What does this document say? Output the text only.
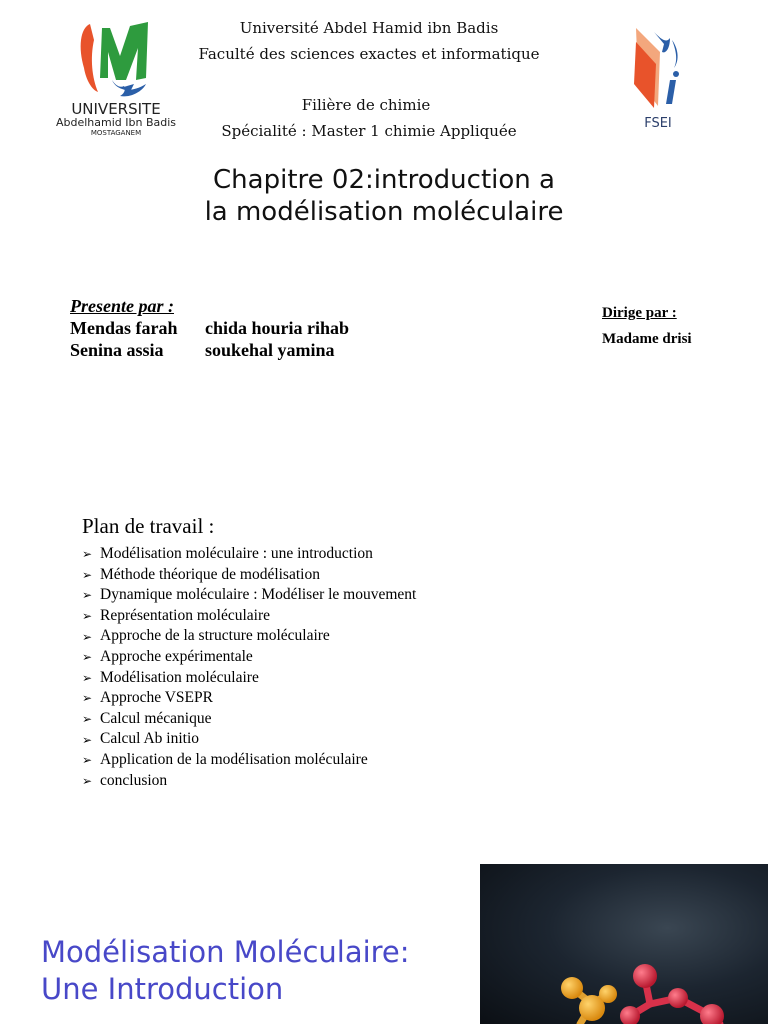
UNIVERSITE
Abdelhamid Ibn Badis
MOSTAGANEM
Université Abdel Hamid ibn Badis
Faculté des sciences exactes et informatique
Filière de chimie
Spécialité : Master 1 chimie Appliquée	FSEI
Chapitre 02:introduction a
la modélisation moléculaire
Presente par :
Mendas farah chida houria rihab
Senina assia soukehal yamina
Dirige par :
Madame drisi
Plan de travail :
➢ Modélisation moléculaire : une introduction
➢ Méthode théorique de modélisation
➢ Dynamique moléculaire : Modéliser le mouvement
➢ Représentation moléculaire
➢ Approche de la structure moléculaire
➢ Approche expérimentale
➢ Modélisation moléculaire
➢ Approche VSEPR
➢ Calcul mécanique
➢ Calcul Ab initio
➢ Application de la modélisation moléculaire
➢ conclusion
Modélisation Moléculaire:
Une Introduction
